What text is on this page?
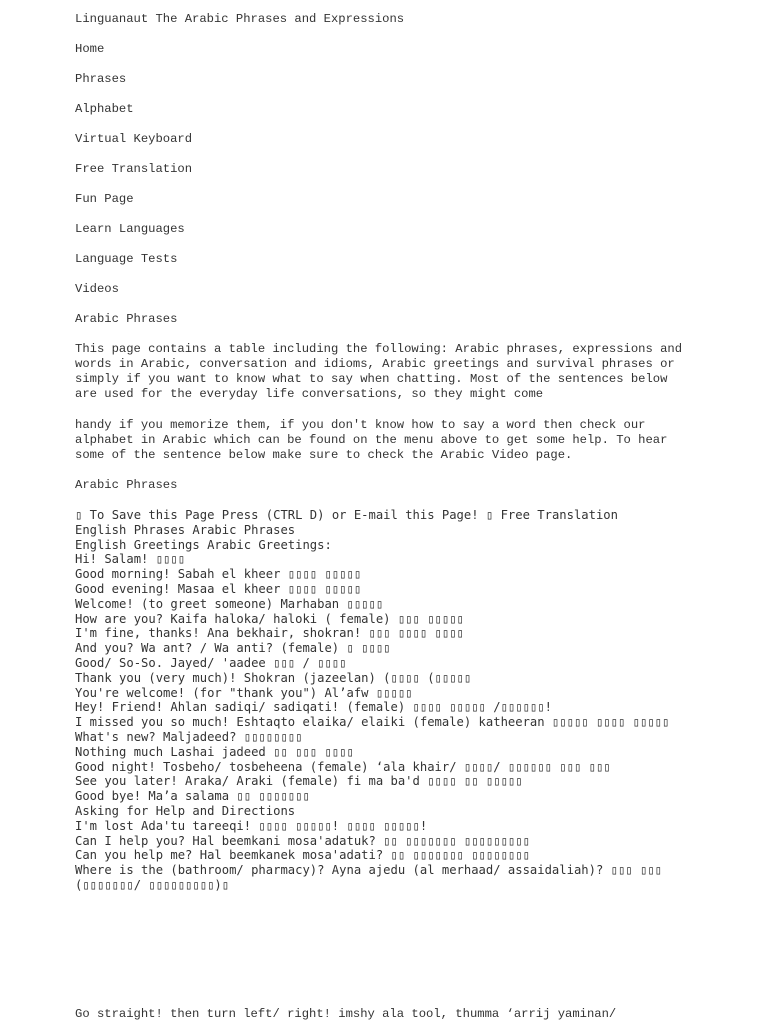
Linguanaut The Arabic Phrases and Expressions
Home
Phrases
Alphabet
Virtual Keyboard
Free Translation
Fun Page
Learn Languages
Language Tests
Videos
Arabic Phrases

This page contains a table including the following: Arabic phrases, expressions and words in Arabic, conversation and idioms, Arabic greetings and survival phrases or simply if you want to know what to say when chatting. Most of the sentences below are used for the everyday life conversations, so they might come

handy if you memorize them, if you don't know how to say a word then check our alphabet in Arabic which can be found on the menu above to get some help. To hear some of the sentence below make sure to check the Arabic Video page.

Arabic Phrases
▯ To Save this Page Press (CTRL D) or E-mail this Page! ▯ Free Translation
English Phrases Arabic Phrases
English Greetings Arabic Greetings:
Hi! Salam! ▯▯▯▯
Good morning! Sabah el kheer ▯▯▯▯ ▯▯▯▯▯
Good evening! Masaa el kheer ▯▯▯▯ ▯▯▯▯▯
Welcome! (to greet someone) Marhaban ▯▯▯▯▯
How are you? Kaifa haloka/ haloki ( female) ▯▯▯ ▯▯▯▯▯
I'm fine, thanks! Ana bekhair, shokran! ▯▯▯ ▯▯▯▯ ▯▯▯▯
And you? Wa ant? / Wa anti? (female) ▯ ▯▯▯▯
Good/ So-So. Jayed/ 'aadee ▯▯▯ / ▯▯▯▯
Thank you (very much)! Shokran (jazeelan) (▯▯▯▯ (▯▯▯▯▯
You're welcome! (for "thank you") Al’afw ▯▯▯▯▯
Hey! Friend! Ahlan sadiqi/ sadiqati! (female) ▯▯▯▯ ▯▯▯▯▯ /▯▯▯▯▯▯!
I missed you so much! Eshtaqto elaika/ elaiki (female) katheeran ▯▯▯▯▯ ▯▯▯▯ ▯▯▯▯▯
What's new? Maljadeed? ▯▯▯▯▯▯▯▯
Nothing much Lashai jadeed ▯▯ ▯▯▯ ▯▯▯▯
Good night! Tosbeho/ tosbeheena (female) ‘ala khair/ ▯▯▯▯/ ▯▯▯▯▯▯ ▯▯▯ ▯▯▯
See you later! Araka/ Araki (female) fi ma ba'd ▯▯▯▯ ▯▯ ▯▯▯▯▯
Good bye! Ma’a salama ▯▯ ▯▯▯▯▯▯▯
Asking for Help and Directions
I'm lost Ada'tu tareeqi! ▯▯▯▯ ▯▯▯▯▯! ▯▯▯▯ ▯▯▯▯▯!
Can I help you? Hal beemkani mosa'adatuk? ▯▯ ▯▯▯▯▯▯▯ ▯▯▯▯▯▯▯▯▯
Can you help me? Hal beemkanek mosa'adati? ▯▯ ▯▯▯▯▯▯▯ ▯▯▯▯▯▯▯▯
Where is the (bathroom/ pharmacy)? Ayna ajedu (al merhaad/ assaidaliah)? ▯▯▯ ▯▯▯ (▯▯▯▯▯▯▯/ ▯▯▯▯▯▯▯▯▯)▯
Go straight! then turn left/ right! imshy ala tool, thumma ‘arrij yaminan/
